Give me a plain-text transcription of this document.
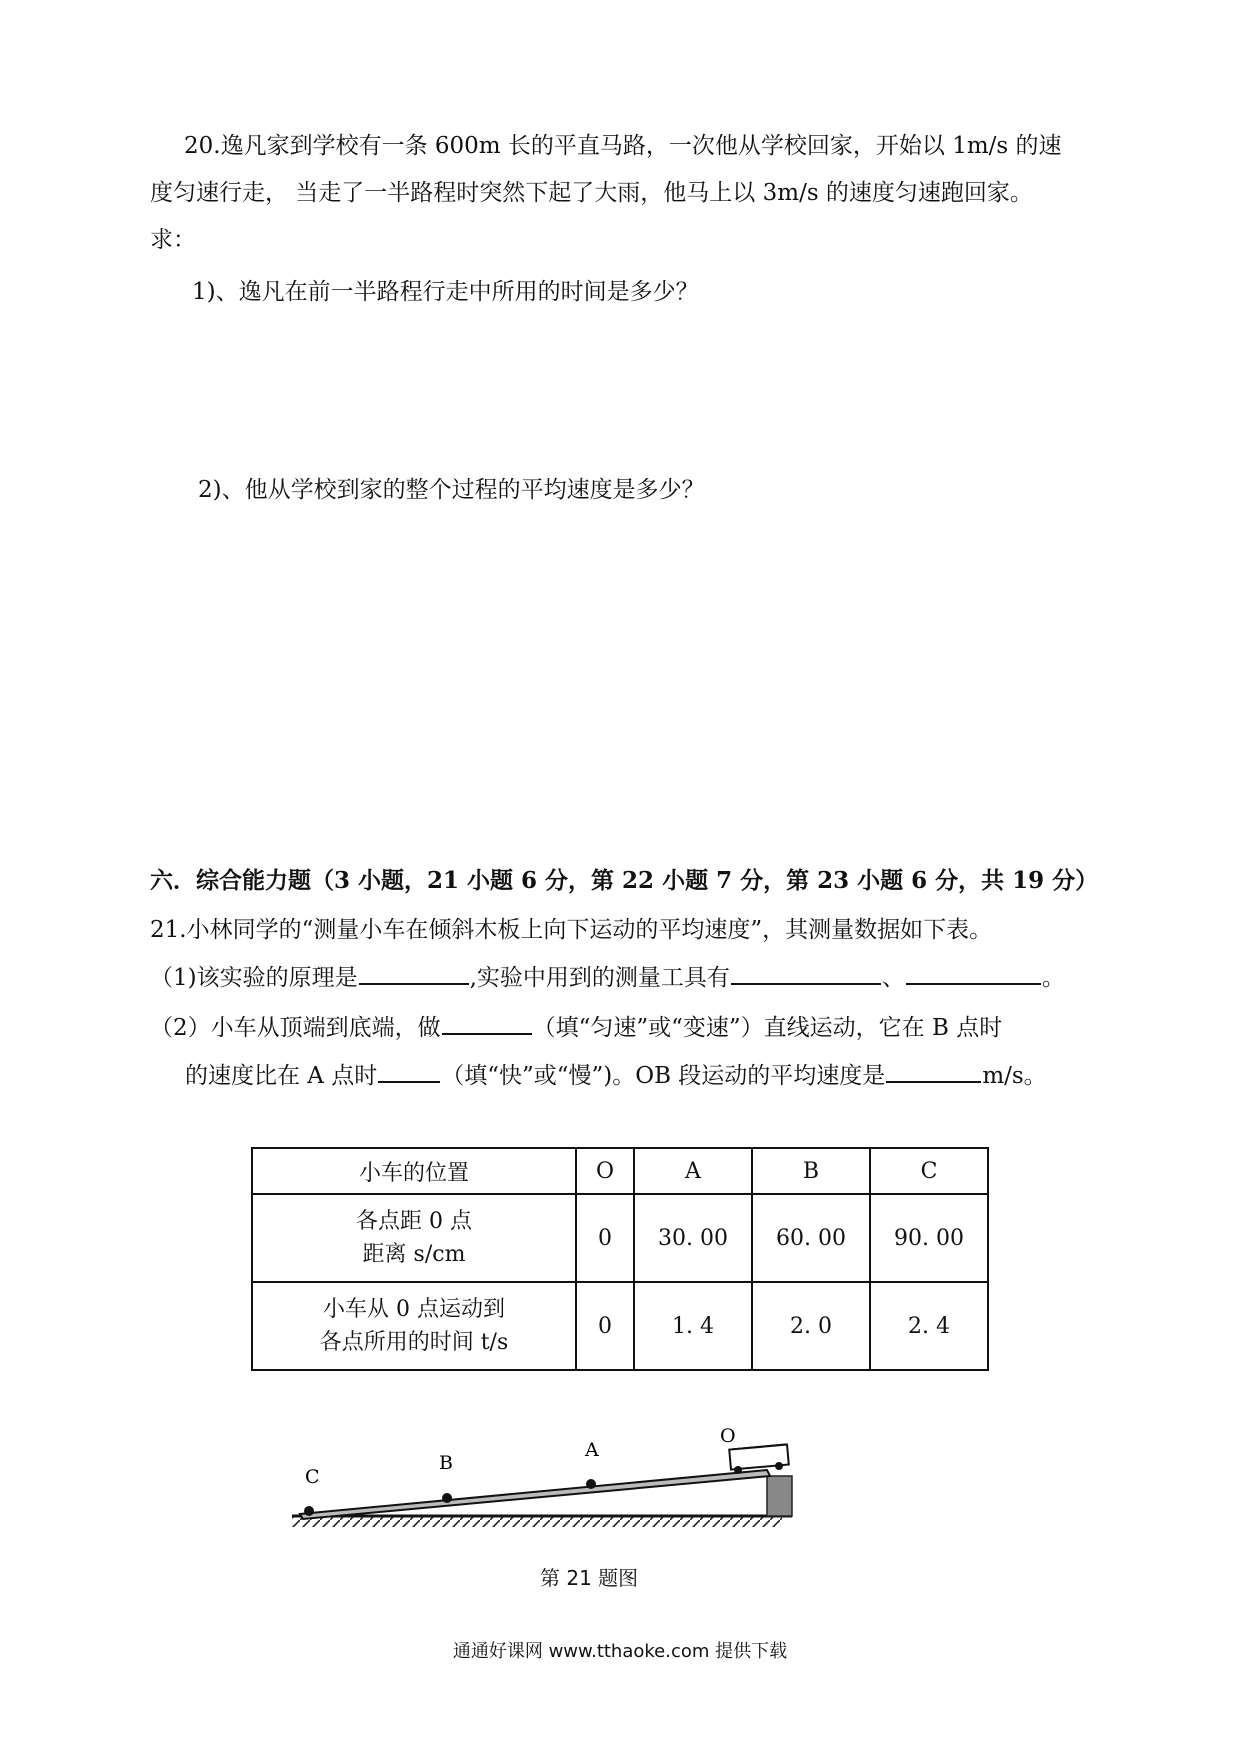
20.逸凡家到学校有一条 600m 长的平直马路，一次他从学校回家，开始以 1m/s 的速
度匀速行走， 当走了一半路程时突然下起了大雨，他马上以 3m/s 的速度匀速跑回家。
求：
1)、逸凡在前一半路程行走中所用的时间是多少？
2)、他从学校到家的整个过程的平均速度是多少？
六．综合能力题（3 小题，21 小题 6 分，第 22 小题 7 分，第 23 小题 6 分，共 19 分）
21.小林同学的“测量小车在倾斜木板上向下运动的平均速度”，其测量数据如下表。
（1)该实验的原理是	,实验中用到的测量工具有	、	。
（2）小车从顶端到底端，做	（填“匀速”或“变速”）直线运动，它在 B 点时
的速度比在 A 点时	（填“快”或“慢”)。OB 段运动的平均速度是	m/s。
小车的位置	O	A	B	C

各点距 0 点
距离 s/cm	0	30. 00	60. 00	90. 00

小车从 0 点运动到
各点所用的时间 t/s	0	1. 4	2. 0	2. 4
C
B
A
O
第 21 题图
通通好课网 www.tthaoke.com 提供下载
